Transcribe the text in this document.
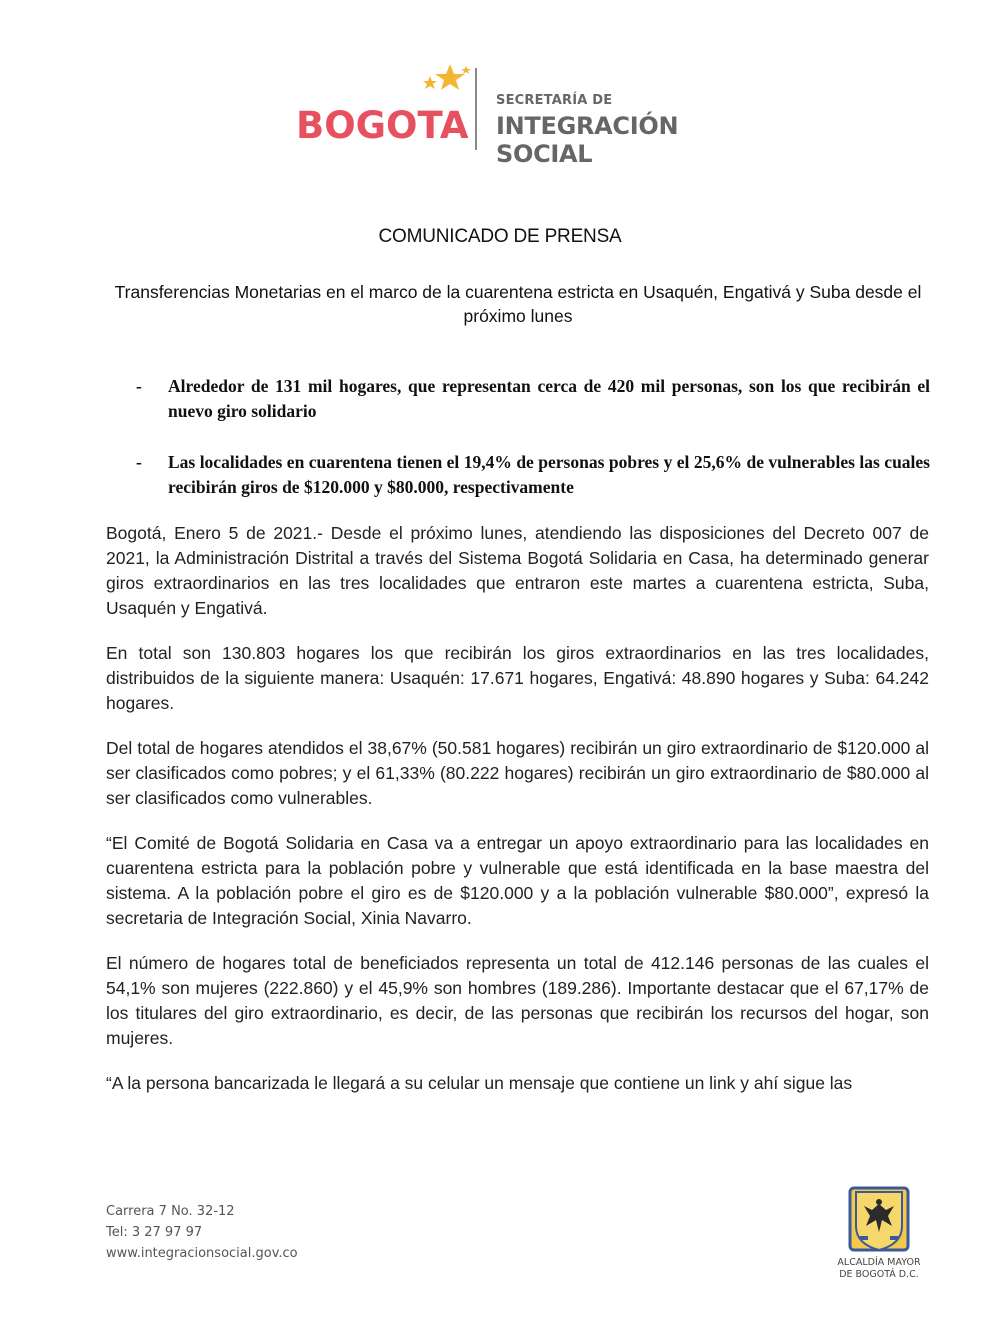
BOGOTA
SECRETARÍA DE
INTEGRACIÓN SOCIAL
COMUNICADO DE PRENSA
Transferencias Monetarias en el marco de la cuarentena estricta en Usaquén, Engativá y Suba desde el próximo lunes
- Alrededor de 131 mil hogares, que representan cerca de 420 mil personas, son los que recibirán el nuevo giro solidario
- Las localidades en cuarentena tienen el 19,4% de personas pobres y el 25,6% de vulnerables las cuales recibirán giros de $120.000 y $80.000, respectivamente

Bogotá, Enero 5 de 2021.- Desde el próximo lunes, atendiendo las disposiciones del Decreto 007 de 2021, la Administración Distrital a través del Sistema Bogotá Solidaria en Casa, ha determinado generar giros extraordinarios en las tres localidades que entraron este martes a cuarentena estricta, Suba, Usaquén y Engativá.

En total son 130.803 hogares los que recibirán los giros extraordinarios en las tres localidades, distribuidos de la siguiente manera: Usaquén: 17.671 hogares, Engativá: 48.890 hogares y Suba: 64.242 hogares.

Del total de hogares atendidos el 38,67% (50.581 hogares) recibirán un giro extraordinario de $120.000 al ser clasificados como pobres; y el 61,33% (80.222 hogares) recibirán un giro extraordinario de $80.000 al ser clasificados como vulnerables.

“El Comité de Bogotá Solidaria en Casa va a entregar un apoyo extraordinario para las localidades en cuarentena estricta para la población pobre y vulnerable que está identificada en la base maestra del sistema. A la población pobre el giro es de $120.000 y a la población vulnerable $80.000”, expresó la secretaria de Integración Social, Xinia Navarro.

El número de hogares total de beneficiados representa un total de 412.146 personas de las cuales el 54,1% son mujeres (222.860) y el 45,9% son hombres (189.286). Importante destacar que el 67,17% de los titulares del giro extraordinario, es decir, de las personas que recibirán los recursos del hogar, son mujeres.

“A la persona bancarizada le llegará a su celular un mensaje que contiene un link y ahí sigue las

Carrera 7 No. 32-12
Tel: 3 27 97 97
www.integracionsocial.gov.co
ALCALDÍA MAYOR
DE BOGOTÁ D.C.
